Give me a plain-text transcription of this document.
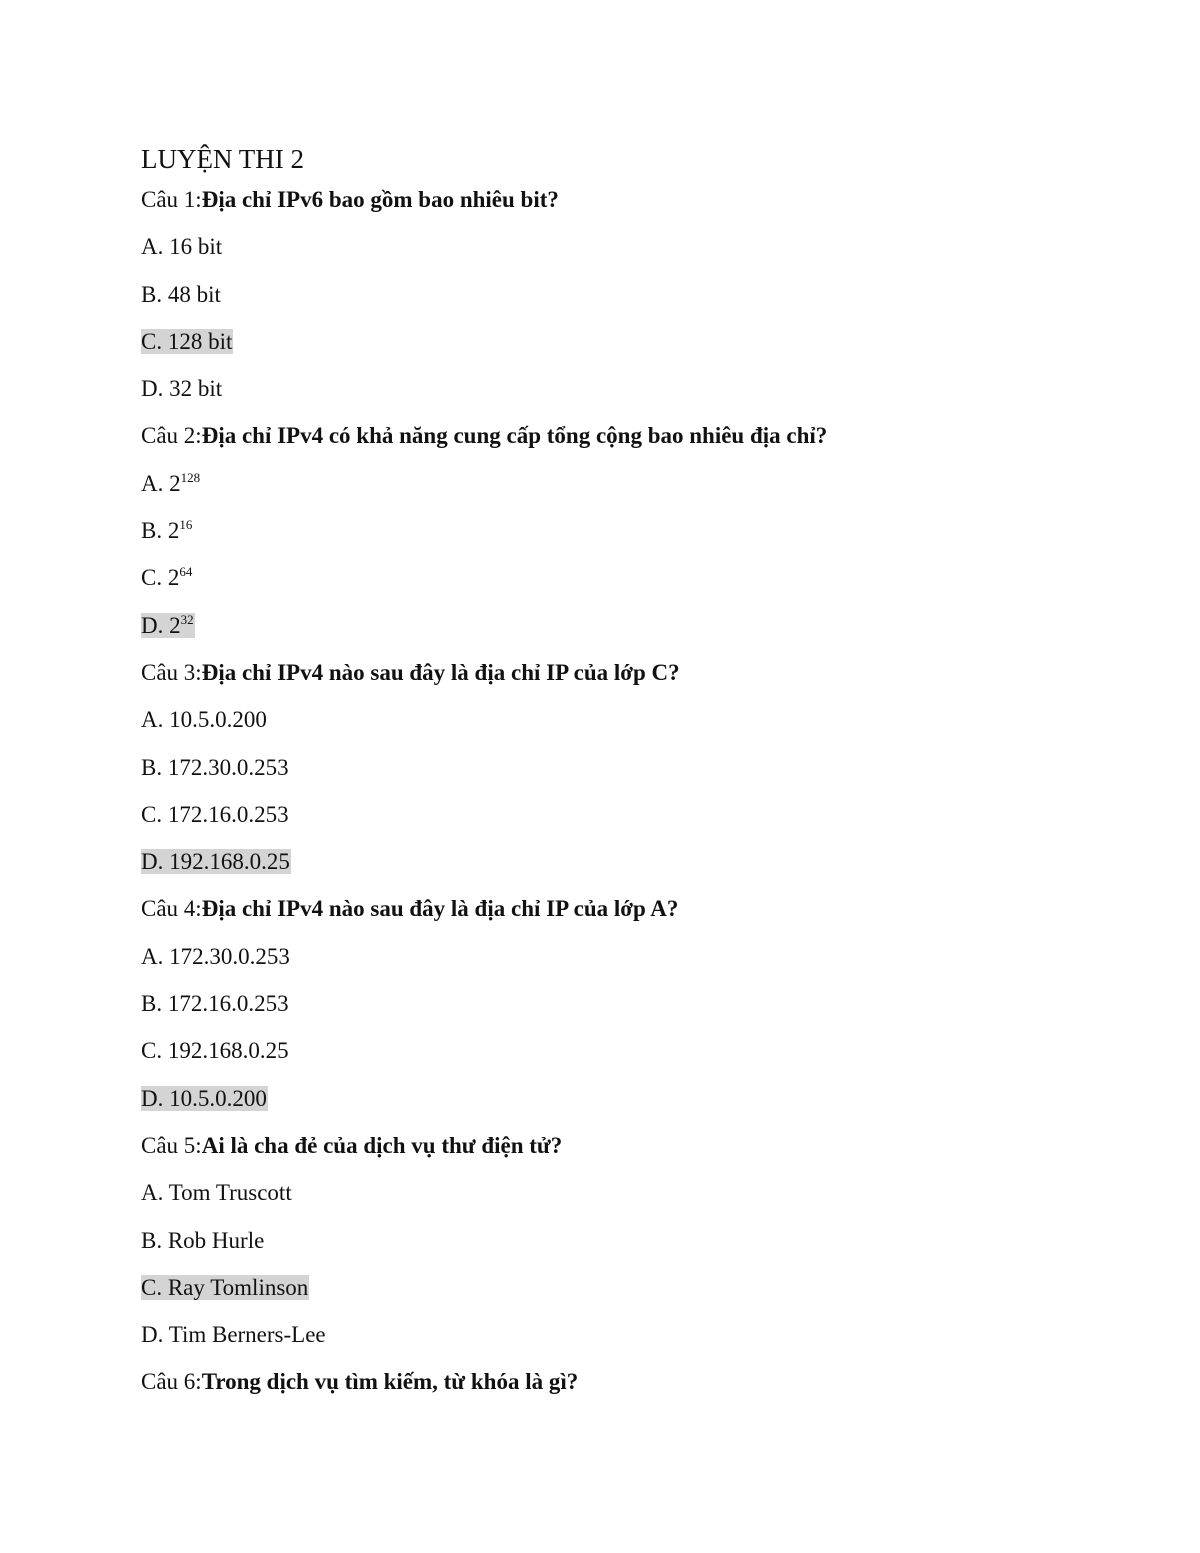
LUYỆN THI 2
Câu 1:Địa chỉ IPv6 bao gồm bao nhiêu bit?
A. 16 bit
B. 48 bit
C. 128 bit
D. 32 bit
Câu 2:Địa chỉ IPv4 có khả năng cung cấp tổng cộng bao nhiêu địa chỉ?
A. $2^{128}$
B. $2^{16}$
C. $2^{64}$
D. $2^{32}$
Câu 3:Địa chỉ IPv4 nào sau đây là địa chỉ IP của lớp C?
A. 10.5.0.200
B. 172.30.0.253
C. 172.16.0.253
D. 192.168.0.25
Câu 4:Địa chỉ IPv4 nào sau đây là địa chỉ IP của lớp A?
A. 172.30.0.253
B. 172.16.0.253
C. 192.168.0.25
D. 10.5.0.200
Câu 5:Ai là cha đẻ của dịch vụ thư điện tử?
A. Tom Truscott
B. Rob Hurle
C. Ray Tomlinson
D. Tim Berners-Lee
Câu 6:Trong dịch vụ tìm kiếm, từ khóa là gì?
